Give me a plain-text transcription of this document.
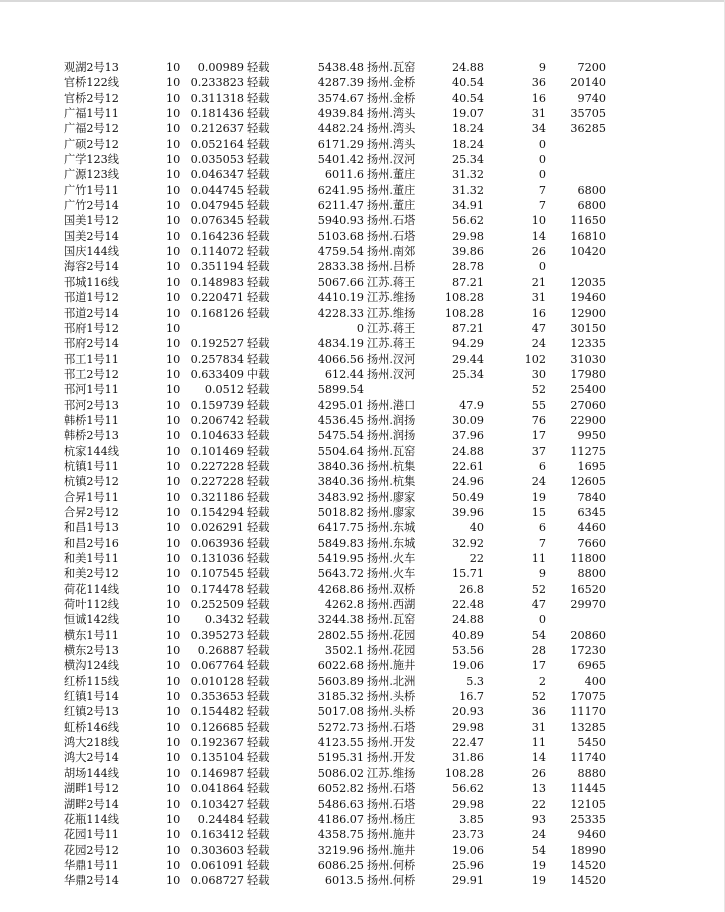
观湖2号13	10	0.00989 轻载	5438.48 扬州.瓦窑	24.88	9	7200
官桥122线	10 0.233823 轻载	4287.39 扬州.金桥	40.54	36	20140
官桥2号12	10 0.311318 轻载	3574.67 扬州.金桥	40.54	16	9740
广福1号11	10 0.181436 轻载	4939.84 扬州.湾头	19.07	31	35705
广福2号12	10 0.212637 轻载	4482.24 扬州.湾头	18.24	34	36285
广硕2号12	10 0.052164 轻载	6171.29 扬州.湾头	18.24	0
广学123线	10 0.035053 轻载	5401.42 扬州.汊河	25.34	0
广源123线	10 0.046347 轻载	6011.6 扬州.董庄	31.32	0
广竹1号11	10 0.044745 轻载	6241.95 扬州.董庄	31.32	7	6800
广竹2号14	10 0.047945 轻载	6211.47 扬州.董庄	34.91	7	6800
国美1号12	10 0.076345 轻载	5940.93 扬州.石塔	56.62	10	11650
国美2号14	10 0.164236 轻载	5103.68 扬州.石塔	29.98	14	16810
国庆144线	10 0.114072 轻载	4759.54 扬州.南郊	39.86	26	10420
海容2号14	10 0.351194 轻载	2833.38 扬州.吕桥	28.78	0
邗城116线	10 0.148983 轻载	5067.66 江苏.蒋王	87.21	21	12035
邗道1号12	10 0.220471 轻载	4410.19 江苏.维扬	108.28	31	19460
邗道2号14	10 0.168126 轻载	4228.33 江苏.维扬	108.28	16	12900
邗府1号12	10	0 江苏.蒋王	87.21	47	30150
邗府2号14	10 0.192527 轻载	4834.19 江苏.蒋王	94.29	24	12335
邗工1号11	10 0.257834 轻载	4066.56 扬州.汊河	29.44	102	31030
邗工2号12	10 0.633409 中载	612.44 扬州.汊河	25.34	30	17980
邗河1号11	10	0.0512 轻载	5899.54	52	25400
邗河2号13	10 0.159739 轻载	4295.01 扬州.港口	47.9	55	27060
韩桥1号11	10 0.206742 轻载	4536.45 扬州.润扬	30.09	76	22900
韩桥2号13	10 0.104633 轻载	5475.54 扬州.润扬	37.96	17	9950
杭家144线	10 0.101469 轻载	5504.64 扬州.瓦窑	24.88	37	11275
杭镇1号11	10 0.227228 轻载	3840.36 扬州.杭集	22.61	6	1695
杭镇2号12	10 0.227228 轻载	3840.36 扬州.杭集	24.96	24	12605
合昇1号11	10 0.321186 轻载	3483.92 扬州.廖家	50.49	19	7840
合昇2号12	10 0.154294 轻载	5018.82 扬州.廖家	39.96	15	6345
和昌1号13	10 0.026291 轻载	6417.75 扬州.东城	40	6	4460
和昌2号16	10 0.063936 轻载	5849.83 扬州.东城	32.92	7	7660
和美1号11	10 0.131036 轻载	5419.95 扬州.火车	22	11	11800
和美2号12	10 0.107545 轻载	5643.72 扬州.火车	15.71	9	8800
荷花114线	10 0.174478 轻载	4268.86 扬州.双桥	26.8	52	16520
荷叶112线	10 0.252509 轻载	4262.8 扬州.西湖	22.48	47	29970
恒诚142线	10	0.3432 轻载	3244.38 扬州.瓦窑	24.88	0
横东1号11	10 0.395273 轻载	2802.55 扬州.花园	40.89	54	20860
横东2号13	10	0.26887 轻载	3502.1 扬州.花园	53.56	28	17230
横沟124线	10 0.067764 轻载	6022.68 扬州.施井	19.06	17	6965
红桥115线	10 0.010128 轻载	5603.89 扬州.北洲	5.3	2	400
红镇1号14	10 0.353653 轻载	3185.32 扬州.头桥	16.7	52	17075
红镇2号13	10 0.154482 轻载	5017.08 扬州.头桥	20.93	36	11170
虹桥146线	10 0.126685 轻载	5272.73 扬州.石塔	29.98	31	13285
鸿大218线	10 0.192367 轻载	4123.55 扬州.开发	22.47	11	5450
鸿大2号14	10 0.135104 轻载	5195.31 扬州.开发	31.86	14	11740
胡场144线	10 0.146987 轻载	5086.02 江苏.维扬	108.28	26	8880
湖畔1号12	10 0.041864 轻载	6052.82 扬州.石塔	56.62	13	11445
湖畔2号14	10 0.103427 轻载	5486.63 扬州.石塔	29.98	22	12105
花瓶114线	10	0.24484 轻载	4186.07 扬州.杨庄	3.85	93	25335
花园1号11	10 0.163412 轻载	4358.75 扬州.施井	23.73	24	9460
花园2号12	10 0.303603 轻载	3219.96 扬州.施井	19.06	54	18990
华鼎1号11	10 0.061091 轻载	6086.25 扬州.何桥	25.96	19	14520
华鼎2号14	10 0.068727 轻载	6013.5 扬州.何桥	29.91	19	14520
